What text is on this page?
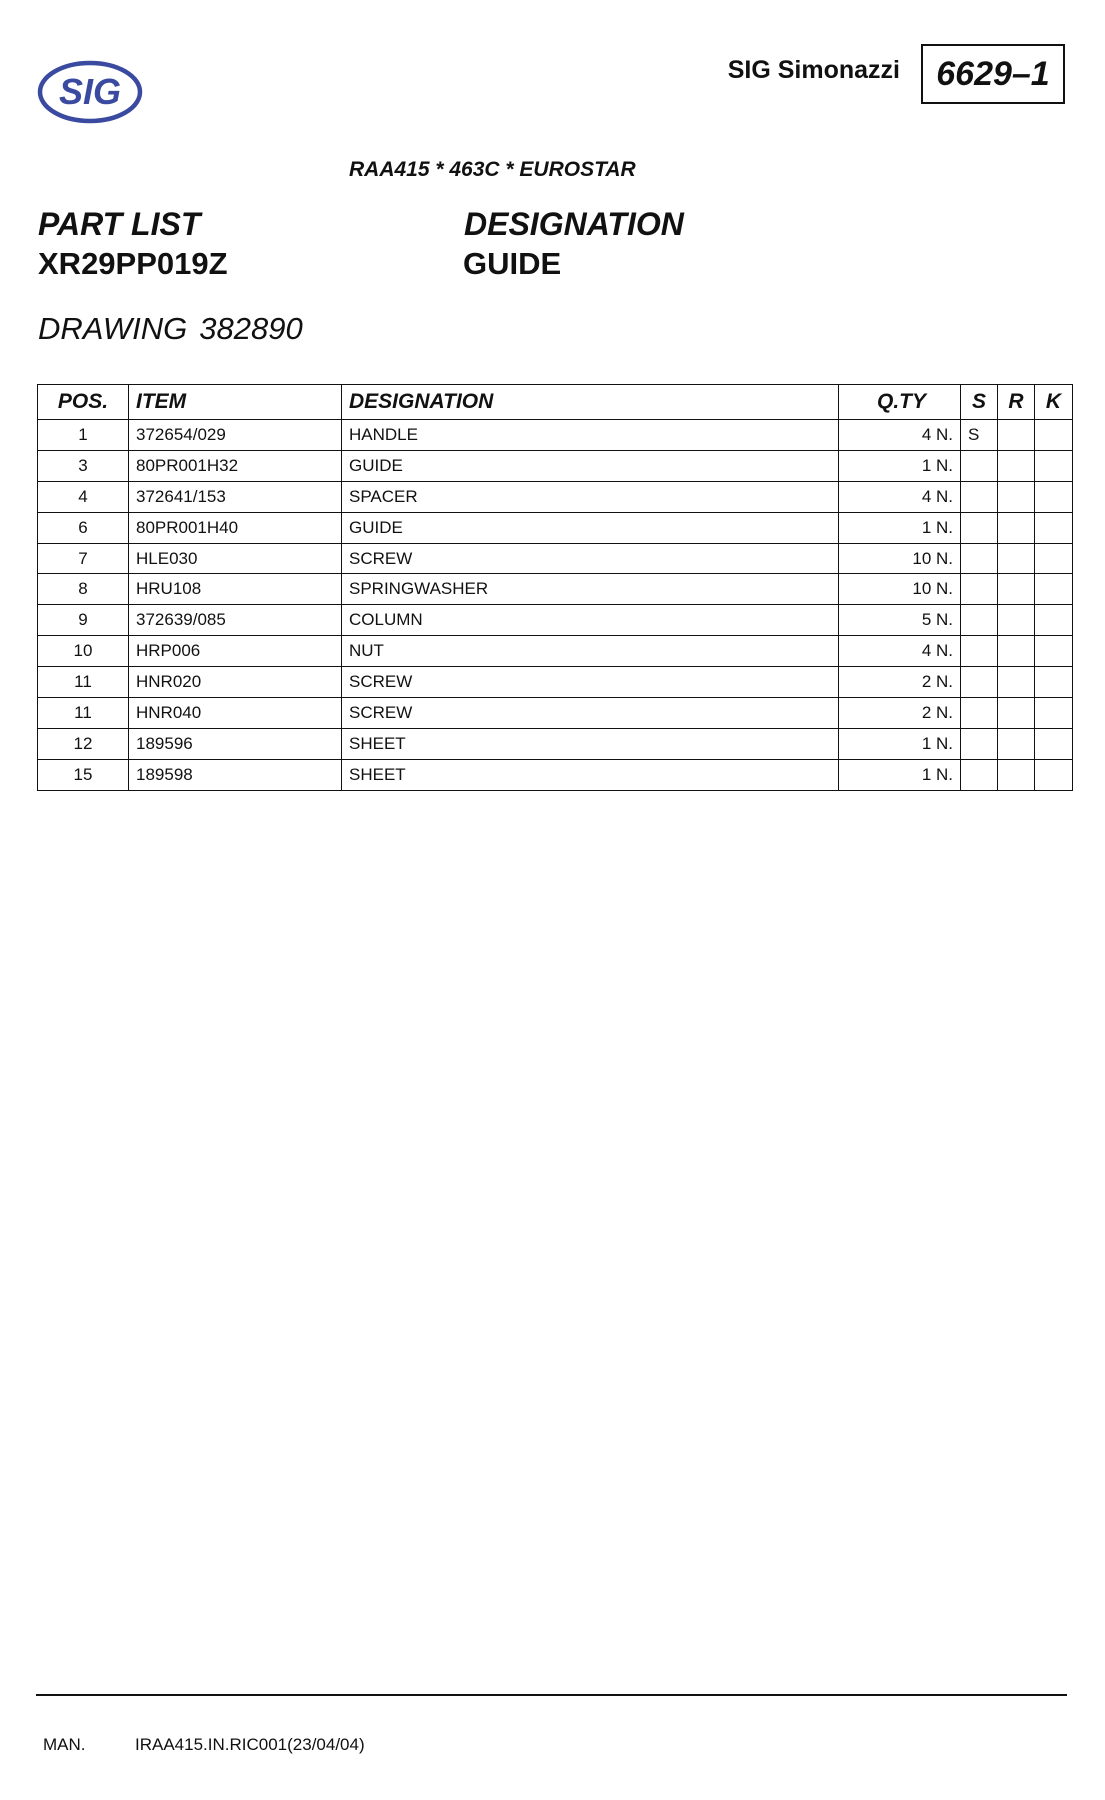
SIG
SIG Simonazzi 6629–1
RAA415 * 463C * EUROSTAR
PART LIST
XR29PP019Z
DESIGNATION
GUIDE
DRAWING 382890
POS.	ITEM	DESIGNATION	Q.TY	S	R	K
1	372654/029	HANDLE	4 N.	S		
3	80PR001H32	GUIDE	1 N.			
4	372641/153	SPACER	4 N.			
6	80PR001H40	GUIDE	1 N.			
7	HLE030	SCREW	10 N.			
8	HRU108	SPRINGWASHER	10 N.			
9	372639/085	COLUMN	5 N.			
10	HRP006	NUT	4 N.			
11	HNR020	SCREW	2 N.			
11	HNR040	SCREW	2 N.			
12	189596	SHEET	1 N.			
15	189598	SHEET	1 N.			
MAN.	IRAA415.IN.RIC001(23/04/04)
